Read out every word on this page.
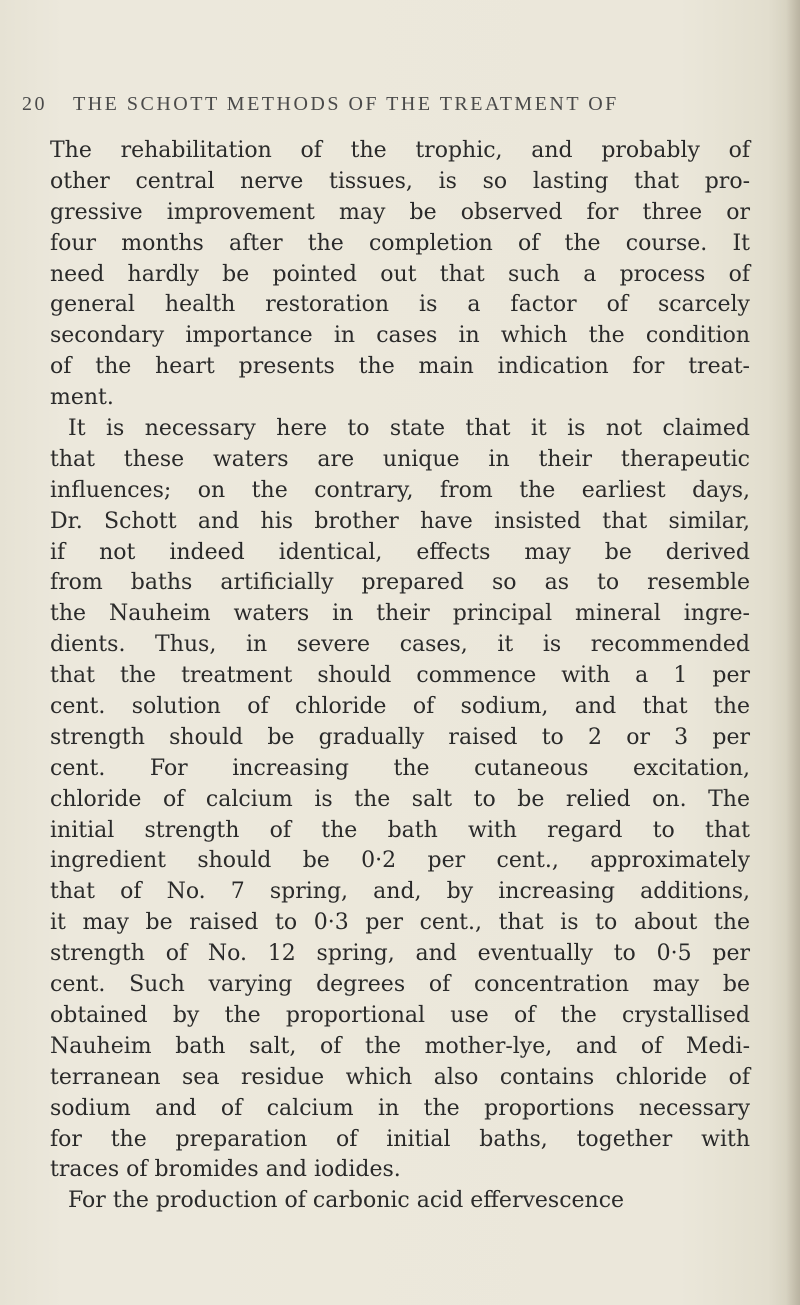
20 THE SCHOTT METHODS OF THE TREATMENT OF
The rehabilitation of the trophic, and probably of
other central nerve tissues, is so lasting that pro-
gressive improvement may be observed for three or
four months after the completion of the course. It
need hardly be pointed out that such a process of
general health restoration is a factor of scarcely
secondary importance in cases in which the condition
of the heart presents the main indication for treat-
ment.
It is necessary here to state that it is not claimed
that these waters are unique in their therapeutic
influences; on the contrary, from the earliest days,
Dr. Schott and his brother have insisted that similar,
if not indeed identical, effects may be derived
from baths artificially prepared so as to resemble
the Nauheim waters in their principal mineral ingre-
dients. Thus, in severe cases, it is recommended
that the treatment should commence with a 1 per
cent. solution of chloride of sodium, and that the
strength should be gradually raised to 2 or 3 per
cent. For increasing the cutaneous excitation,
chloride of calcium is the salt to be relied on. The
initial strength of the bath with regard to that
ingredient should be 0·2 per cent., approximately
that of No. 7 spring, and, by increasing additions,
it may be raised to 0·3 per cent., that is to about the
strength of No. 12 spring, and eventually to 0·5 per
cent. Such varying degrees of concentration may be
obtained by the proportional use of the crystallised
Nauheim bath salt, of the mother-lye, and of Medi-
terranean sea residue which also contains chloride of
sodium and of calcium in the proportions necessary
for the preparation of initial baths, together with
traces of bromides and iodides.
For the production of carbonic acid effervescence
